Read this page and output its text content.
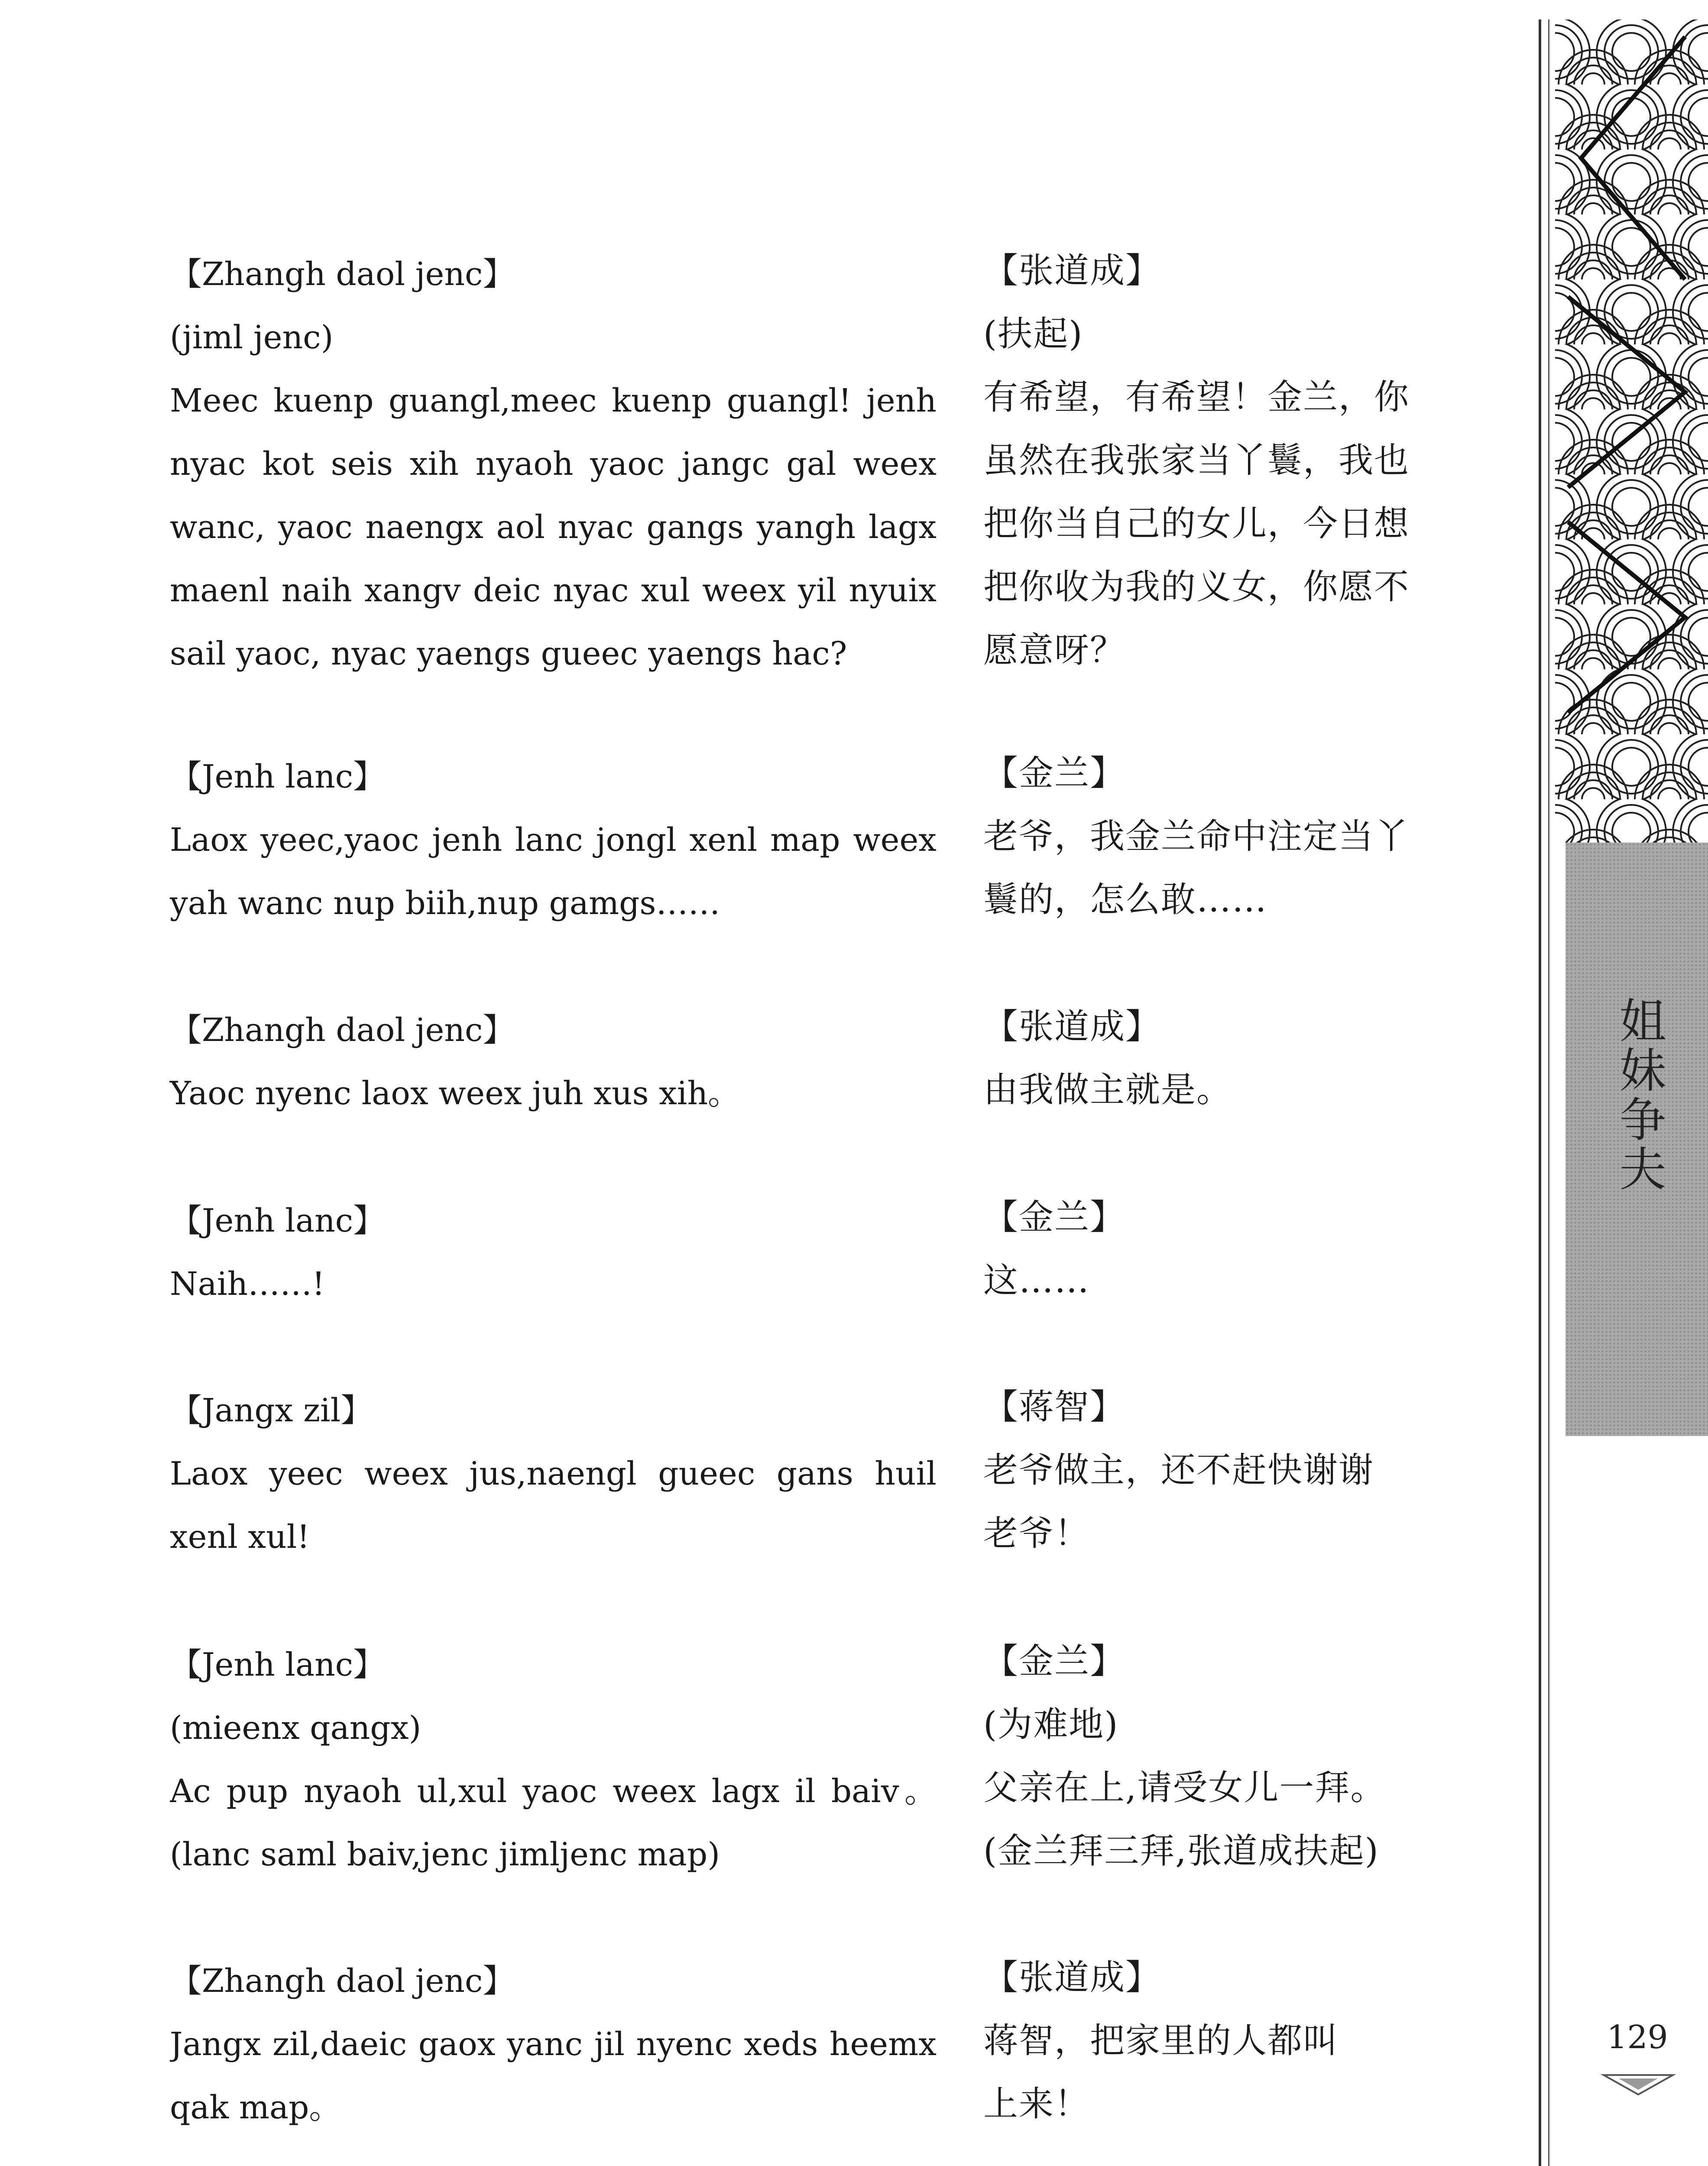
【Zhangh daol jenc】
(jiml jenc)
Meec kuenp guangl,meec kuenp guangl! jenh
nyac kot seis xih nyaoh yaoc jangc gal weex
wanc, yaoc naengx aol nyac gangs yangh lagx
maenl naih xangv deic nyac xul weex yil nyuix
sail yaoc, nyac yaengs gueec yaengs hac?
【张道成】
(扶起)
有希望，有希望！金兰，你
虽然在我张家当丫鬟，我也
把你当自己的女儿，今日想
把你收为我的义女，你愿不
愿意呀？
【Jenh lanc】
Laox yeec,yaoc jenh lanc jongl xenl map weex
yah wanc nup biih,nup gamgs……
【金兰】
老爷，我金兰命中注定当丫
鬟的，怎么敢……
【Zhangh daol jenc】
Yaoc nyenc laox weex juh xus xih。
【张道成】
由我做主就是。
【Jenh lanc】
Naih……!
【金兰】
这……
【Jangx zil】
Laox yeec weex jus,naengl gueec gans huil
xenl xul!
【蒋智】
老爷做主，还不赶快谢谢
老爷！
【Jenh lanc】
(mieenx qangx)
Ac pup nyaoh ul,xul yaoc weex lagx il baiv。
(lanc saml baiv,jenc jimljenc map)
【金兰】
(为难地)
父亲在上,请受女儿一拜。
(金兰拜三拜,张道成扶起)
【Zhangh daol jenc】
Jangx zil,daeic gaox yanc jil nyenc xeds heemx
qak map。
【张道成】
蒋智，把家里的人都叫
上来！
姐妹争夫
129
